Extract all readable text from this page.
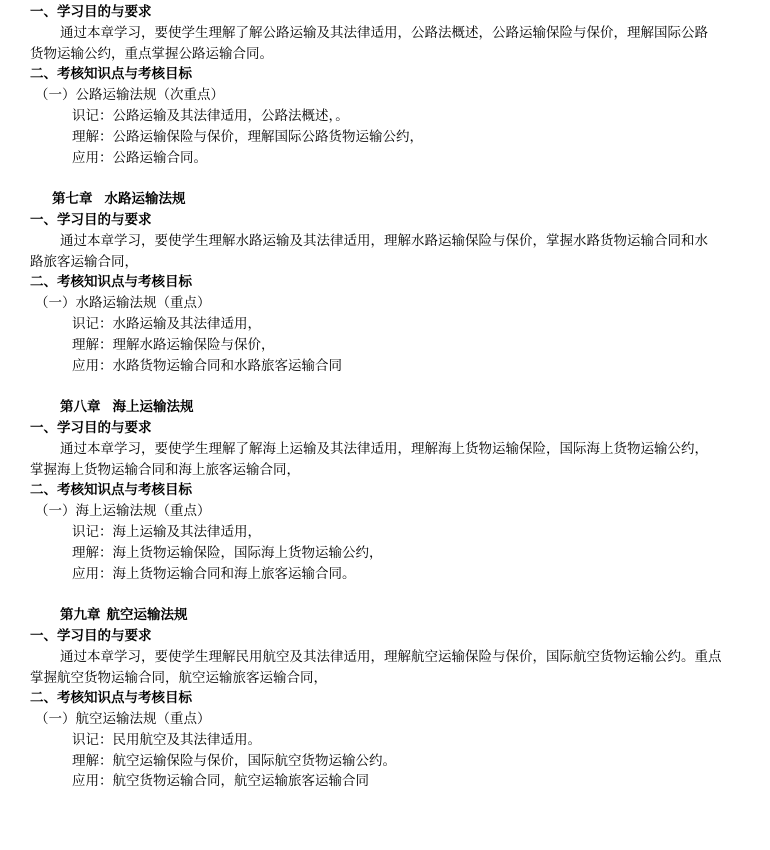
一、学习目的与要求
通过本章学习，要使学生理解了解公路运输及其法律适用，公路法概述，公路运输保险与保价，理解国际公路
货物运输公约，重点掌握公路运输合同。
二、考核知识点与考核目标
（一）公路运输法规（次重点）
识记：公路运输及其法律适用，公路法概述，。
理解：公路运输保险与保价，理解国际公路货物运输公约，
应用：公路运输合同。
第七章 水路运输法规
一、学习目的与要求
通过本章学习，要使学生理解水路运输及其法律适用，理解水路运输保险与保价，掌握水路货物运输合同和水
路旅客运输合同，
二、考核知识点与考核目标
（一）水路运输法规（重点）
识记：水路运输及其法律适用，
理解：理解水路运输保险与保价，
应用：水路货物运输合同和水路旅客运输合同
第八章 海上运输法规
一、学习目的与要求
通过本章学习，要使学生理解了解海上运输及其法律适用，理解海上货物运输保险，国际海上货物运输公约，
掌握海上货物运输合同和海上旅客运输合同，
二、考核知识点与考核目标
（一）海上运输法规（重点）
识记：海上运输及其法律适用，
理解：海上货物运输保险，国际海上货物运输公约，
应用：海上货物运输合同和海上旅客运输合同。
第九章 航空运输法规
一、学习目的与要求
通过本章学习，要使学生理解民用航空及其法律适用，理解航空运输保险与保价，国际航空货物运输公约。重点
掌握航空货物运输合同，航空运输旅客运输合同，
二、考核知识点与考核目标
（一）航空运输法规（重点）
识记：民用航空及其法律适用。
理解：航空运输保险与保价，国际航空货物运输公约。
应用：航空货物运输合同，航空运输旅客运输合同
